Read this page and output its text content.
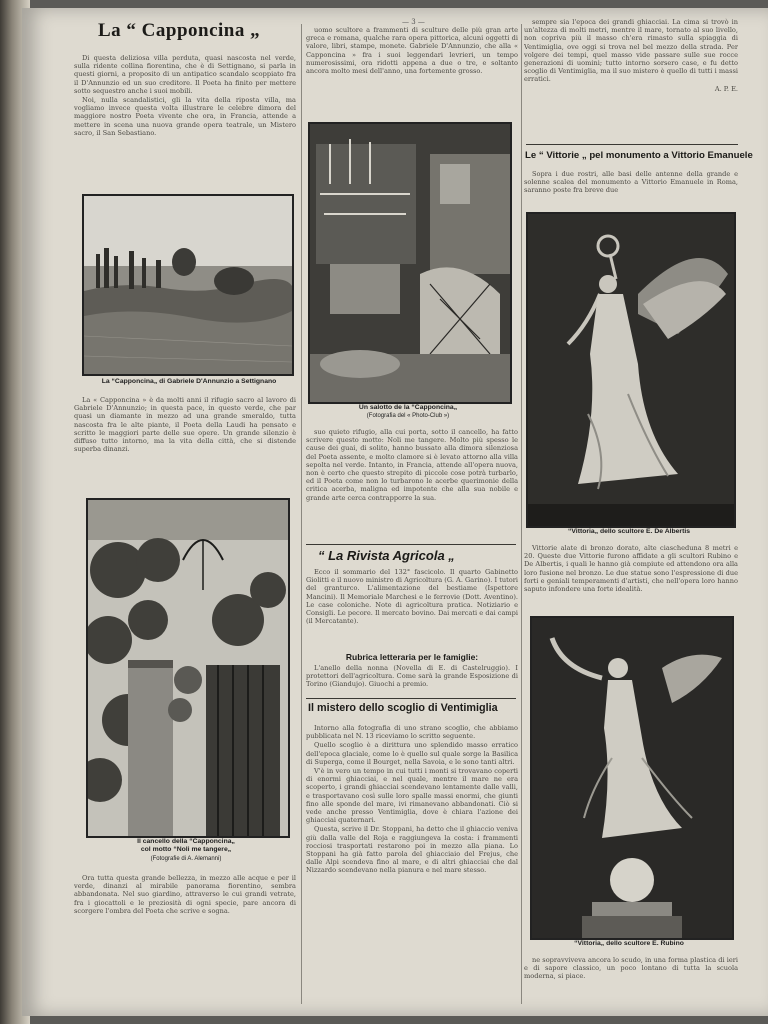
— 3 —
La “ Capponcina „

Di questa deliziosa villa perduta, quasi nascosta nel verde, sulla ridente collina fiorentina, che è di Settignano, si parla in questi giorni, a proposito di un antipatico scandalo scoppiato fra il D'Annunzio ed un suo creditore. Il Poeta ha finito per mettere sotto sequestro anche i suoi mobili.

Noi, nulla scandalistici, gli la vita della riposta villa, ma vogliamo invece questa volta illustrare le celebre dimora del maggiore nostro Poeta vivente che ora, in Francia, attende a mettere in scena una nuova grande opera teatrale, un Mistero sacro, il San Sebastiano.

La “Capponcina„ di Gabriele D'Annunzio a Settignano

La « Capponcina » è da molti anni il rifugio sacro al lavoro di Gabriele D'Annunzio; in questa pace, in questo verde, che par quasi un diamante in mezzo ad una grande smeraldo, tutta nascosta fra le alte piante, il Poeta della Laudi ha pensato e scritto le maggiori parte delle sue opere. Un grande silenzio è diffuso tutto intorno, ma la vita della città, che si distende superba dinanzi.

Il cancello della “Capponcina„
col motto “Noli me tangere„
(Fotografie di A. Alemanni)

Ora tutta questa grande bellezza, in mezzo alle acque e per il verde, dinanzi al mirabile panorama fiorentino, sembra abbandonata. Nel suo giardino, attraverso le cui grandi vetrate, fra i giocattoli e le preziosità di ogni specie, pare ancora di scorgere l'ombra del Poeta che scrive e sogna.

uomo scultore a frammenti di sculture delle più gran arte greca e romana, qualche rara opera pittorica, alcuni oggetti di valore, libri, stampe, monete. Gabriele D'Annunzio, che alla « Capponcina » fra i suoi leggendari levrieri, un tempo numerosissimi, ora ridotti appena a due o tre, e soltanto ancora molto mesi dell'anno, una fortemente grosso.

Un salotto de la “Capponcina„
(Fotografia del « Photo-Club »)

suo quieto rifugio, alla cui porta, sotto il cancello, ha fatto scrivere questo motto: Noli me tangere. Molto più spesso le cause dei guai, di solito, hanno bussato alla dimora silenziosa del Poeta assente, e molto clamore si è levato attorno alla villa sepolta nel verde. Intanto, in Francia, attende all'opera nuova, non è certo che questo strepito di piccole cose potrà turbarlo, ed il Poeta come non lo turbarono le acerbe querimonie della critica acerba, maligna ed impotente che alla sua nobile e grande arte cerca contrapporre la sua.

“ La Rivista Agricola „

Ecco il sommario del 132° fascicolo. Il quarto Gabinetto Giolitti e il nuovo ministro di Agricoltura (G. A. Garino). I tutori del granturco. L'alimentazione del bestiame (Ispettore Mancini). Il Memoriale Marchesi e le ferrovie (Dott. Aventino). Le case coloniche. Note di agricoltura pratica. Notiziario e Consigli. Le pecore. Il mercato bovino. Dai mercati e dai campi (il Mercatante).

Rubrica letteraria per le famiglie:

L'anello della nonna (Novella di E. di Castelruggio). I protettori dell'agricoltura. Come sarà la grande Esposizione di Torino (Giandujo). Giuochi a premio.

Il mistero dello scoglio di Ventimiglia

Intorno alla fotografia di uno strano scoglio, che abbiamo pubblicata nel N. 13 riceviamo lo scritto seguente.

Quello scoglio è a dirittura uno splendido masso erratico dell'epoca glaciale, come lo è quello sul quale sorge la Basilica di Superga, come il Bourget, nella Savoia, e le sono tanti altri.

V'è in vero un tempo in cui tutti i monti si trovavano coperti di enormi ghiacciai, e nel quale, mentre il mare ne era scoperto, i grandi ghiacciai scendevano lentamente dalle valli, e trasportavano così sulle loro spalle massi enormi, che giunti fino alle sponde del mare, ivi rimanevano abbandonati. Ciò si vede anche presso Ventimiglia, dove è chiara l'azione dei ghiacciai quaternari.

Questa, scrive il Dr. Stoppani, ha detto che il ghiaccio veniva giù dalla valle del Roja e raggiungeva la costa: i frammenti rocciosi trasportati restarono poi in mezzo alla piana. Lo Stoppani ha già fatto parola del ghiacciaio del Frejus, che dalle Alpi scendeva fino al mare, e di altri ghiacciai che dal Nizzardo scendevano nella pianura e nel mare stesso.

sempre sia l'epoca dei grandi ghiacciai. La cima si trovò in un'altezza di molti metri, mentre il mare, tornato al suo livello, non copriva più il masso ch'era rimasto sulla spiaggia di Ventimiglia, ove oggi si trova nel bel mezzo della strada. Per volgere dei tempi, quel masso vide passare sulle sue rocce generazioni di uomini; tutto intorno sorsero case, e fu detto scoglio di Ventimiglia, ma il suo mistero è quello di tutti i massi erratici.

A. P. E.

Le “ Vittorie „ pel monumento a Vittorio Emanuele

Sopra i due rostri, alle basi delle antenne della grande e solenne scalea del monumento a Vittorio Emanuele in Roma, saranno poste fra breve due

“Vittoria„ dello scultore E. De Albertis

Vittorie alate di bronzo dorato, alte ciascheduna 8 metri e 20. Queste due Vittorie furono affidate a gli scultori Rubino e De Albertis, i quali le hanno già compiute ed attendono ora alla loro fusione nel bronzo. Le due statue sono l'espressione di due forti e geniali temperamenti d'artisti, che nell'opera loro hanno saputo infondere una forte idealità.

“Vittoria„ dello scultore E. Rubino

ne sopravviveva ancora lo scudo, in una forma plastica di ieri e di sapore classico, un poco lontano di tutta la scuola moderna, si piace.
